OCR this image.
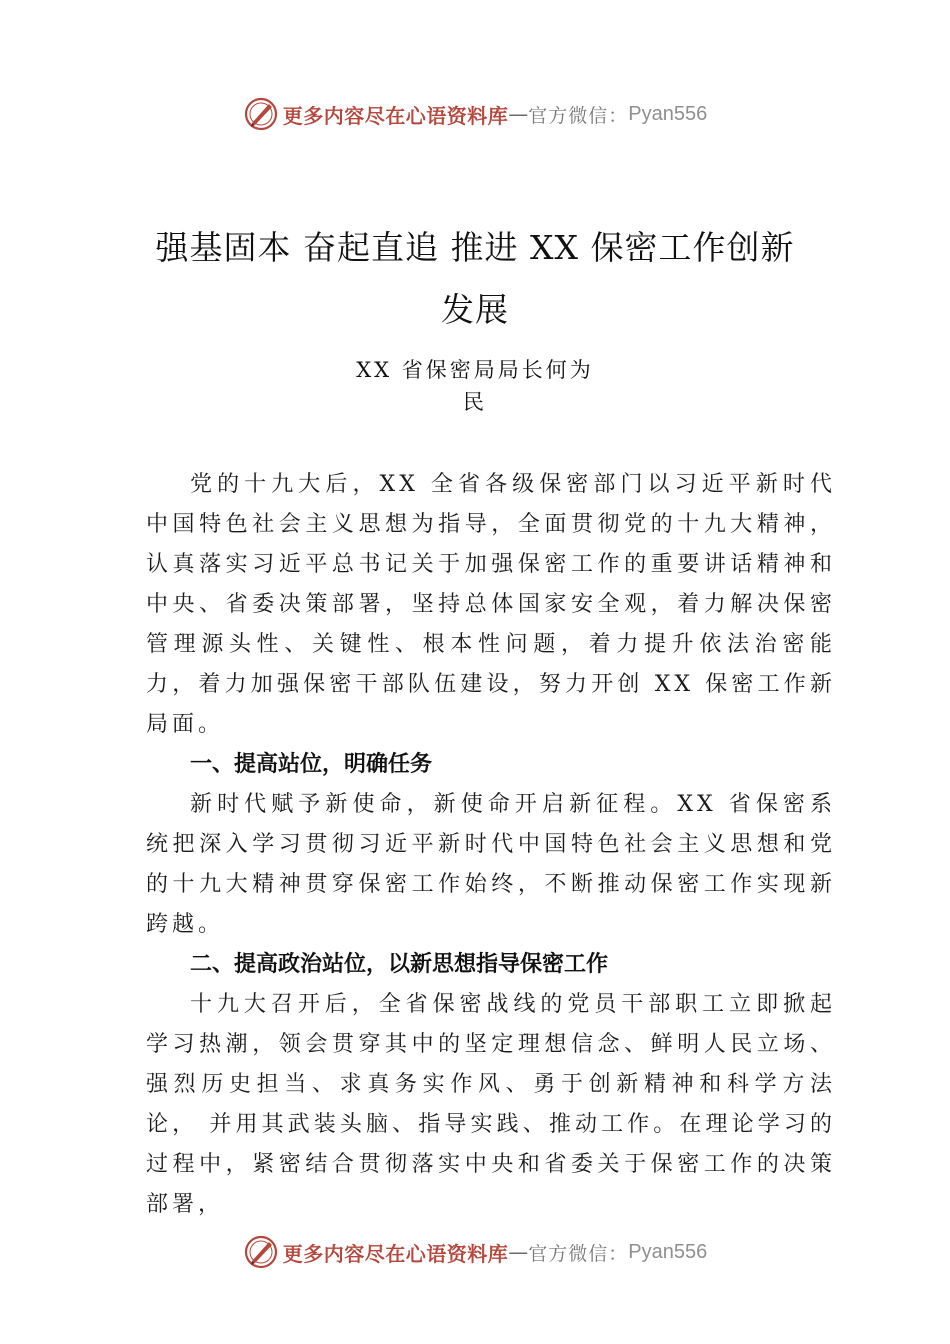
更多内容尽在心语资料库 — 官方微信： Pyan556
强基固本 奋起直追 推进 XX 保密工作创新
发展
XX 省保密局局长何为
民

党的十九大后，XX 全省各级保密部门以习近平新时代中国特色社会主义思想为指导，全面贯彻党的十九大精神，认真落实习近平总书记关于加强保密工作的重要讲话精神和中央、省委决策部署，坚持总体国家安全观，着力解决保密管理源头性、关键性、根本性问题，着力提升依法治密能力，着力加强保密干部队伍建设，努力开创 XX 保密工作新局面。

一、提高站位，明确任务

新时代赋予新使命，新使命开启新征程。XX 省保密系统把深入学习贯彻习近平新时代中国特色社会主义思想和党的十九大精神贯穿保密工作始终，不断推动保密工作实现新跨越。

二、提高政治站位，以新思想指导保密工作

十九大召开后，全省保密战线的党员干部职工立即掀起学习热潮，领会贯穿其中的坚定理想信念、鲜明人民立场、强烈历史担当、求真务实作风、勇于创新精神和科学方法论， 并用其武装头脑、指导实践、推动工作。在理论学习的过程中，紧密结合贯彻落实中央和省委关于保密工作的决策部署，

更多内容尽在心语资料库 — 官方微信： Pyan556
